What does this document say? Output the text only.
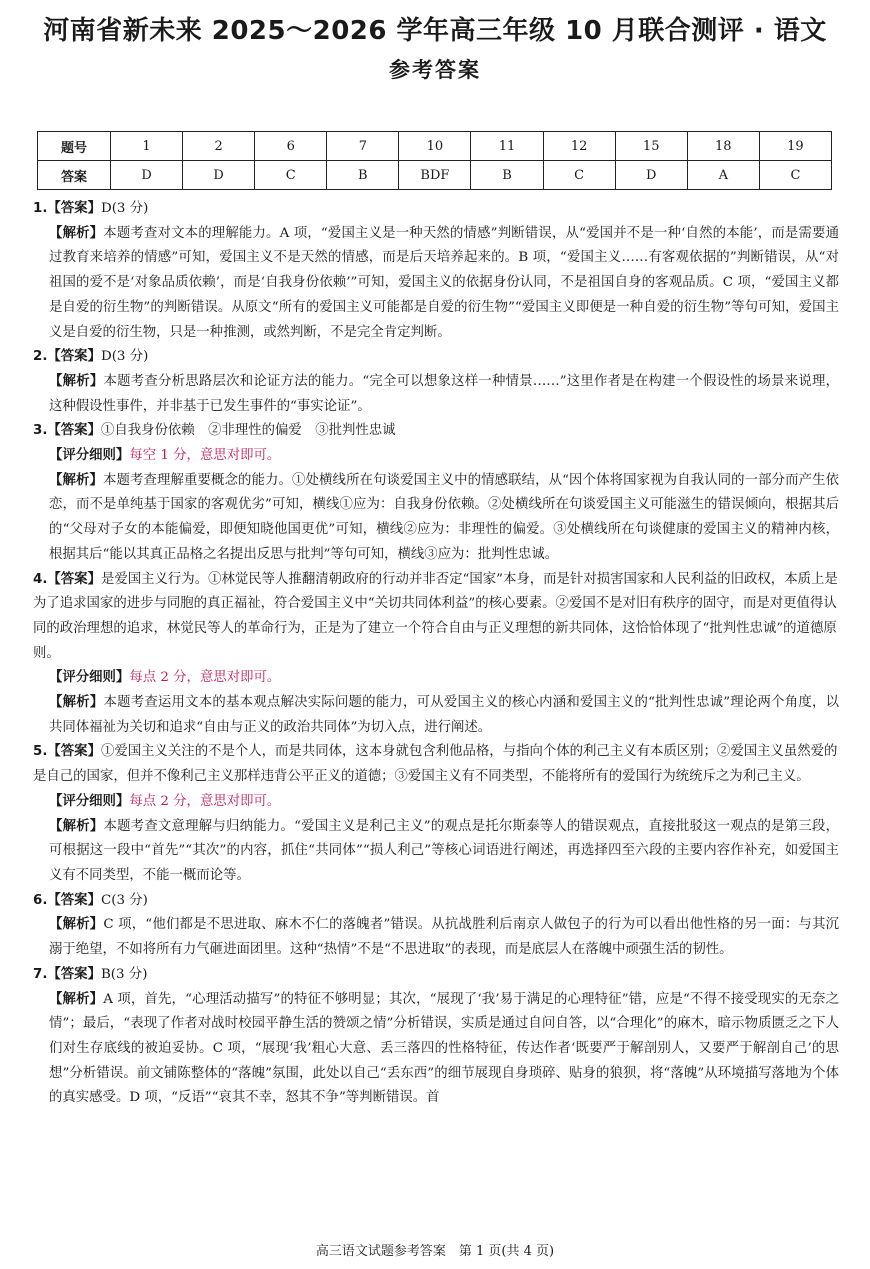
河南省新未来 2025～2026 学年高三年级 10 月联合测评 · 语文
参考答案
题号	1	2	6	7	10	11	12	15	18	19
答案	D	D	C	B	BDF	B	C	D	A	C

1.【答案】D(3 分)

【解析】本题考查对文本的理解能力。A 项，“爱国主义是一种天然的情感”判断错误，从“爱国并不是一种‘自然的本能’，而是需要通过教育来培养的情感”可知，爱国主义不是天然的情感，而是后天培养起来的。B 项，“爱国主义……有客观依据的”判断错误，从“对祖国的爱不是‘对象品质依赖’，而是‘自我身份依赖’”可知，爱国主义的依据身份认同，不是祖国自身的客观品质。C 项，“爱国主义都是自爱的衍生物”的判断错误。从原文“所有的爱国主义可能都是自爱的衍生物”“爱国主义即便是一种自爱的衍生物”等句可知，爱国主义是自爱的衍生物，只是一种推测，或然判断，不是完全肯定判断。

2.【答案】D(3 分)

【解析】本题考查分析思路层次和论证方法的能力。“完全可以想象这样一种情景……”这里作者是在构建一个假设性的场景来说理，这种假设性事件，并非基于已发生事件的“事实论证”。

3.【答案】①自我身份依赖　②非理性的偏爱　③批判性忠诚

【评分细则】每空 1 分，意思对即可。

【解析】本题考查理解重要概念的能力。①处横线所在句谈爱国主义中的情感联结，从“因个体将国家视为自我认同的一部分而产生依恋，而不是单纯基于国家的客观优劣”可知，横线①应为：自我身份依赖。②处横线所在句谈爱国主义可能滋生的错误倾向，根据其后的“父母对子女的本能偏爱，即便知晓他国更优”可知，横线②应为：非理性的偏爱。③处横线所在句谈健康的爱国主义的精神内核，根据其后“能以其真正品格之名提出反思与批判”等句可知，横线③应为：批判性忠诚。

4.【答案】是爱国主义行为。①林觉民等人推翻清朝政府的行动并非否定“国家”本身，而是针对损害国家和人民利益的旧政权，本质上是为了追求国家的进步与同胞的真正福祉，符合爱国主义中“关切共同体利益”的核心要素。②爱国不是对旧有秩序的固守，而是对更值得认同的政治理想的追求，林觉民等人的革命行为，正是为了建立一个符合自由与正义理想的新共同体，这恰恰体现了“批判性忠诚”的道德原则。

【评分细则】每点 2 分，意思对即可。

【解析】本题考查运用文本的基本观点解决实际问题的能力，可从爱国主义的核心内涵和爱国主义的“批判性忠诚”理论两个角度，以共同体福祉为关切和追求“自由与正义的政治共同体”为切入点，进行阐述。

5.【答案】①爱国主义关注的不是个人，而是共同体，这本身就包含利他品格，与指向个体的利己主义有本质区别；②爱国主义虽然爱的是自己的国家，但并不像利己主义那样违背公平正义的道德；③爱国主义有不同类型，不能将所有的爱国行为统统斥之为利己主义。

【评分细则】每点 2 分，意思对即可。

【解析】本题考查文意理解与归纳能力。“爱国主义是利己主义”的观点是托尔斯泰等人的错误观点，直接批驳这一观点的是第三段，可根据这一段中“首先”“其次”的内容，抓住“共同体”“损人利己”等核心词语进行阐述，再选择四至六段的主要内容作补充，如爱国主义有不同类型，不能一概而论等。

6.【答案】C(3 分)

【解析】C 项，“他们都是不思进取、麻木不仁的落魄者”错误。从抗战胜利后南京人做包子的行为可以看出他性格的另一面：与其沉溺于绝望，不如将所有力气砸进面团里。这种“热情”不是“不思进取”的表现，而是底层人在落魄中顽强生活的韧性。

7.【答案】B(3 分)

【解析】A 项，首先，“心理活动描写”的特征不够明显；其次，“展现了‘我’易于满足的心理特征”错，应是“不得不接受现实的无奈之情”；最后，“表现了作者对战时校园平静生活的赞颂之情”分析错误，实质是通过自问自答，以“合理化”的麻木，暗示物质匮乏之下人们对生存底线的被迫妥协。C 项，“展现‘我’粗心大意、丢三落四的性格特征，传达作者‘既要严于解剖别人，又要严于解剖自己’的思想”分析错误。前文铺陈整体的“落魄”氛围，此处以自己“丢东西”的细节展现自身琐碎、贴身的狼狈，将“落魄”从环境描写落地为个体的真实感受。D 项，“反语”“哀其不幸，怒其不争”等判断错误。首

高三语文试题参考答案　第 1 页(共 4 页)
